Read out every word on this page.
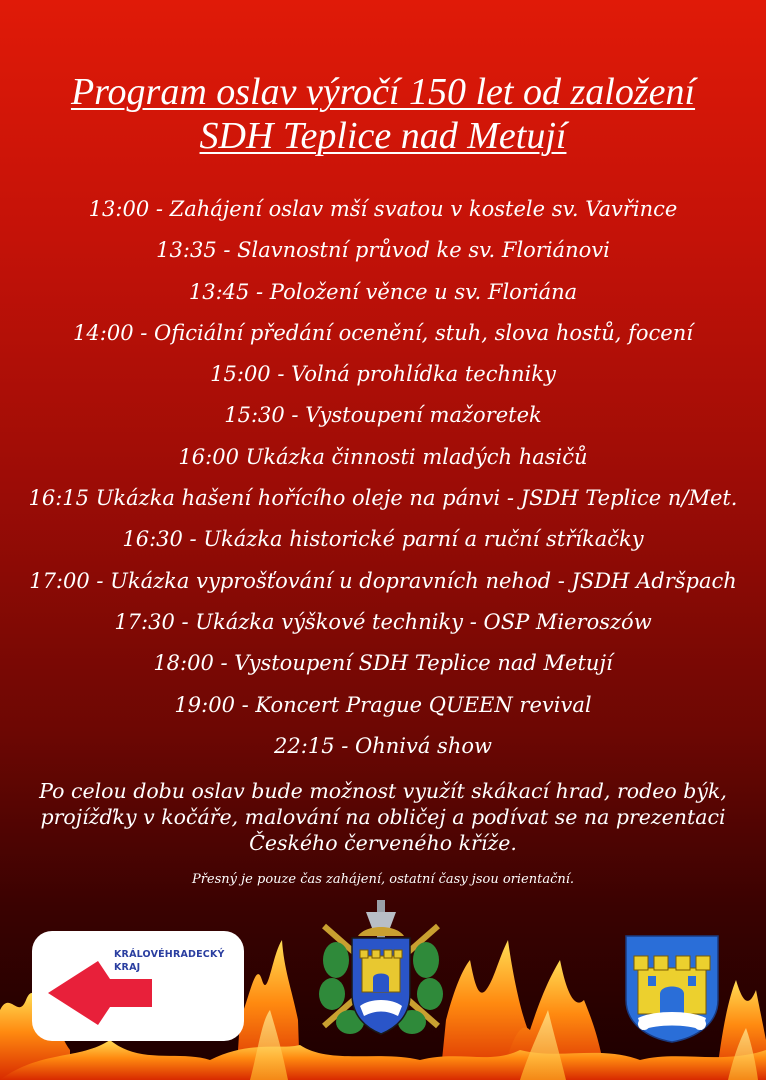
Program oslav výročí 150 let od založení
SDH Teplice nad Metují
13:00 - Zahájení oslav mší svatou v kostele sv. Vavřince
13:35 - Slavnostní průvod ke sv. Floriánovi
13:45 - Položení věnce u sv. Floriána
14:00 - Oficiální předání ocenění, stuh, slova hostů, focení
15:00 - Volná prohlídka techniky
15:30 - Vystoupení mažoretek
16:00 Ukázka činnosti mladých hasičů
16:15 Ukázka hašení hořícího oleje na pánvi - JSDH Teplice n/Met.
16:30 - Ukázka historické parní a ruční stříkačky
17:00 - Ukázka vyprošťování u dopravních nehod - JSDH Adršpach
17:30 - Ukázka výškové techniky - OSP Mieroszów
18:00 - Vystoupení SDH Teplice nad Metují
19:00 - Koncert Prague QUEEN revival
22:15 - Ohnivá show
Po celou dobu oslav bude možnost využít skákací hrad, rodeo býk, projížďky v kočáře, malování na obličej a podívat se na prezentaci Českého červeného kříže.
Přesný je pouze čas zahájení, ostatní časy jsou orientační.
KRÁLOVÉHRADECKÝ
KRAJ
